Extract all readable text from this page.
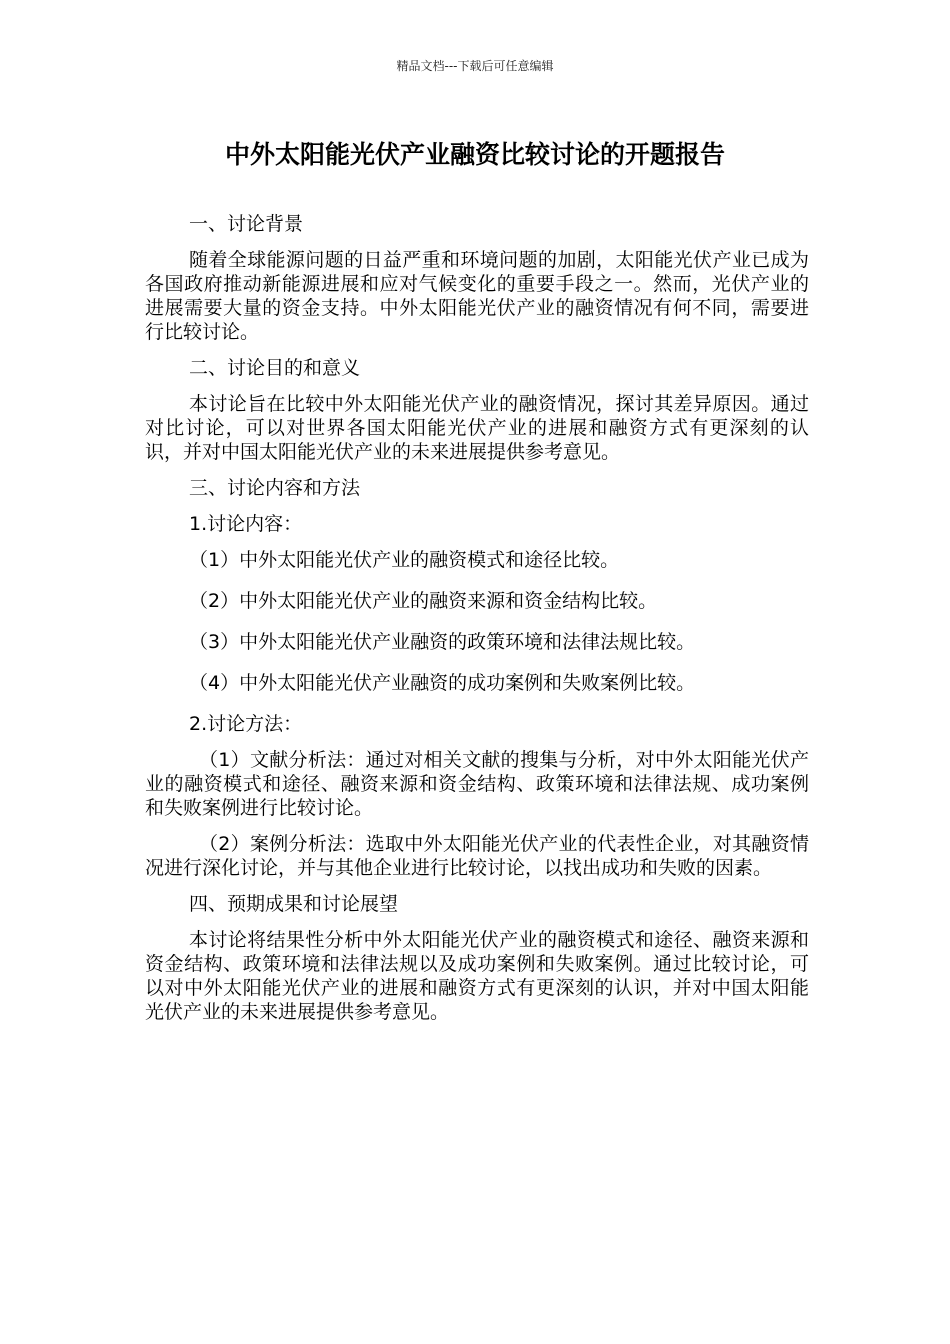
精品文档---下载后可任意编辑
中外太阳能光伏产业融资比较讨论的开题报告
一、讨论背景
随着全球能源问题的日益严重和环境问题的加剧，太阳能光伏产业已成为各国政府推动新能源进展和应对气候变化的重要手段之一。然而，光伏产业的进展需要大量的资金支持。中外太阳能光伏产业的融资情况有何不同，需要进行比较讨论。
二、讨论目的和意义
本讨论旨在比较中外太阳能光伏产业的融资情况，探讨其差异原因。通过对比讨论，可以对世界各国太阳能光伏产业的进展和融资方式有更深刻的认识，并对中国太阳能光伏产业的未来进展提供参考意见。
三、讨论内容和方法
1.讨论内容：
（1）中外太阳能光伏产业的融资模式和途径比较。
（2）中外太阳能光伏产业的融资来源和资金结构比较。
（3）中外太阳能光伏产业融资的政策环境和法律法规比较。
（4）中外太阳能光伏产业融资的成功案例和失败案例比较。
2.讨论方法：
（1）文献分析法：通过对相关文献的搜集与分析，对中外太阳能光伏产业的融资模式和途径、融资来源和资金结构、政策环境和法律法规、成功案例和失败案例进行比较讨论。
（2）案例分析法：选取中外太阳能光伏产业的代表性企业，对其融资情况进行深化讨论，并与其他企业进行比较讨论，以找出成功和失败的因素。
四、预期成果和讨论展望
本讨论将结果性分析中外太阳能光伏产业的融资模式和途径、融资来源和资金结构、政策环境和法律法规以及成功案例和失败案例。通过比较讨论，可以对中外太阳能光伏产业的进展和融资方式有更深刻的认识，并对中国太阳能光伏产业的未来进展提供参考意见。
